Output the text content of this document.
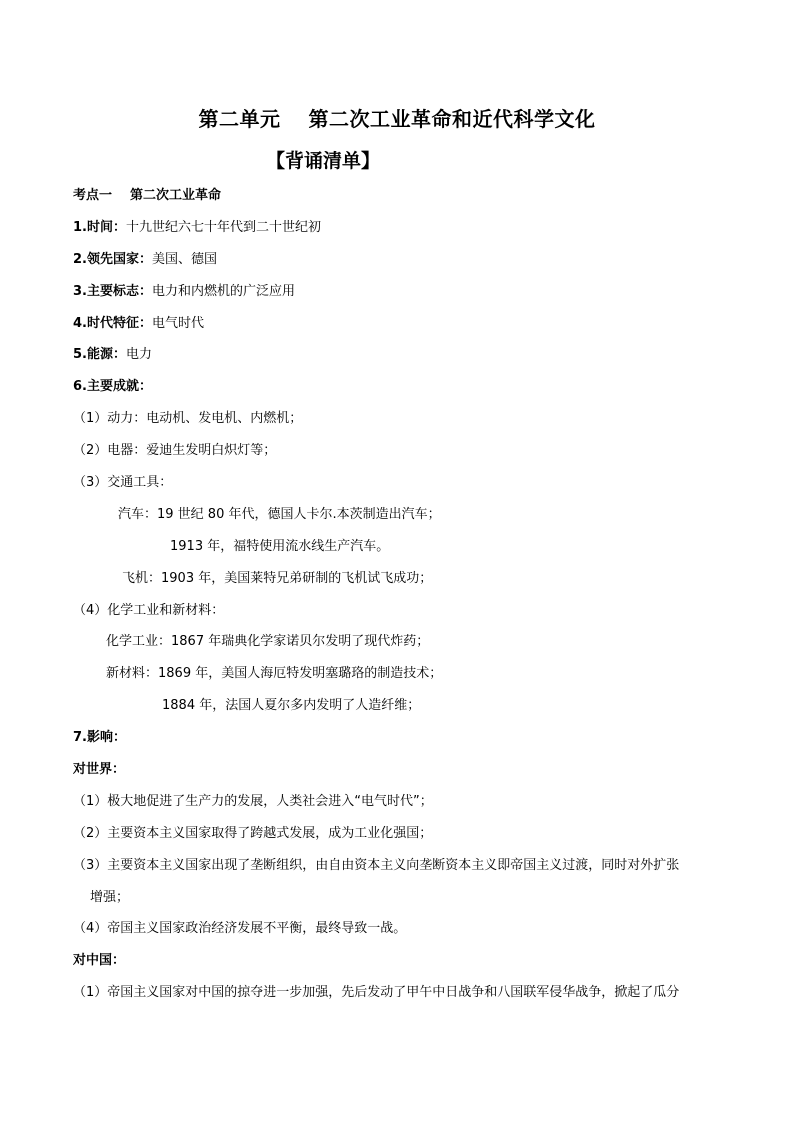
第二单元 第二次工业革命和近代科学文化
【背诵清单】
考点一 第二次工业革命
1.时间：十九世纪六七十年代到二十世纪初
2.领先国家：美国、德国
3.主要标志：电力和内燃机的广泛应用
4.时代特征：电气时代
5.能源：电力
6.主要成就：
（1）动力：电动机、发电机、内燃机；
（2）电器：爱迪生发明白炽灯等；
（3）交通工具：
汽车：19 世纪 80 年代，德国人卡尔.本茨制造出汽车；
1913 年，福特使用流水线生产汽车。
飞机：1903 年，美国莱特兄弟研制的飞机试飞成功；
（4）化学工业和新材料：
化学工业：1867 年瑞典化学家诺贝尔发明了现代炸药；
新材料：1869 年，美国人海厄特发明塞璐珞的制造技术；
1884 年，法国人夏尔多内发明了人造纤维；
7.影响：
对世界：
（1）极大地促进了生产力的发展，人类社会进入“电气时代”；
（2）主要资本主义国家取得了跨越式发展，成为工业化强国；
（3）主要资本主义国家出现了垄断组织，由自由资本主义向垄断资本主义即帝国主义过渡，同时对外扩张
增强；
（4）帝国主义国家政治经济发展不平衡，最终导致一战。
对中国：
（1）帝国主义国家对中国的掠夺进一步加强，先后发动了甲午中日战争和八国联军侵华战争，掀起了瓜分
